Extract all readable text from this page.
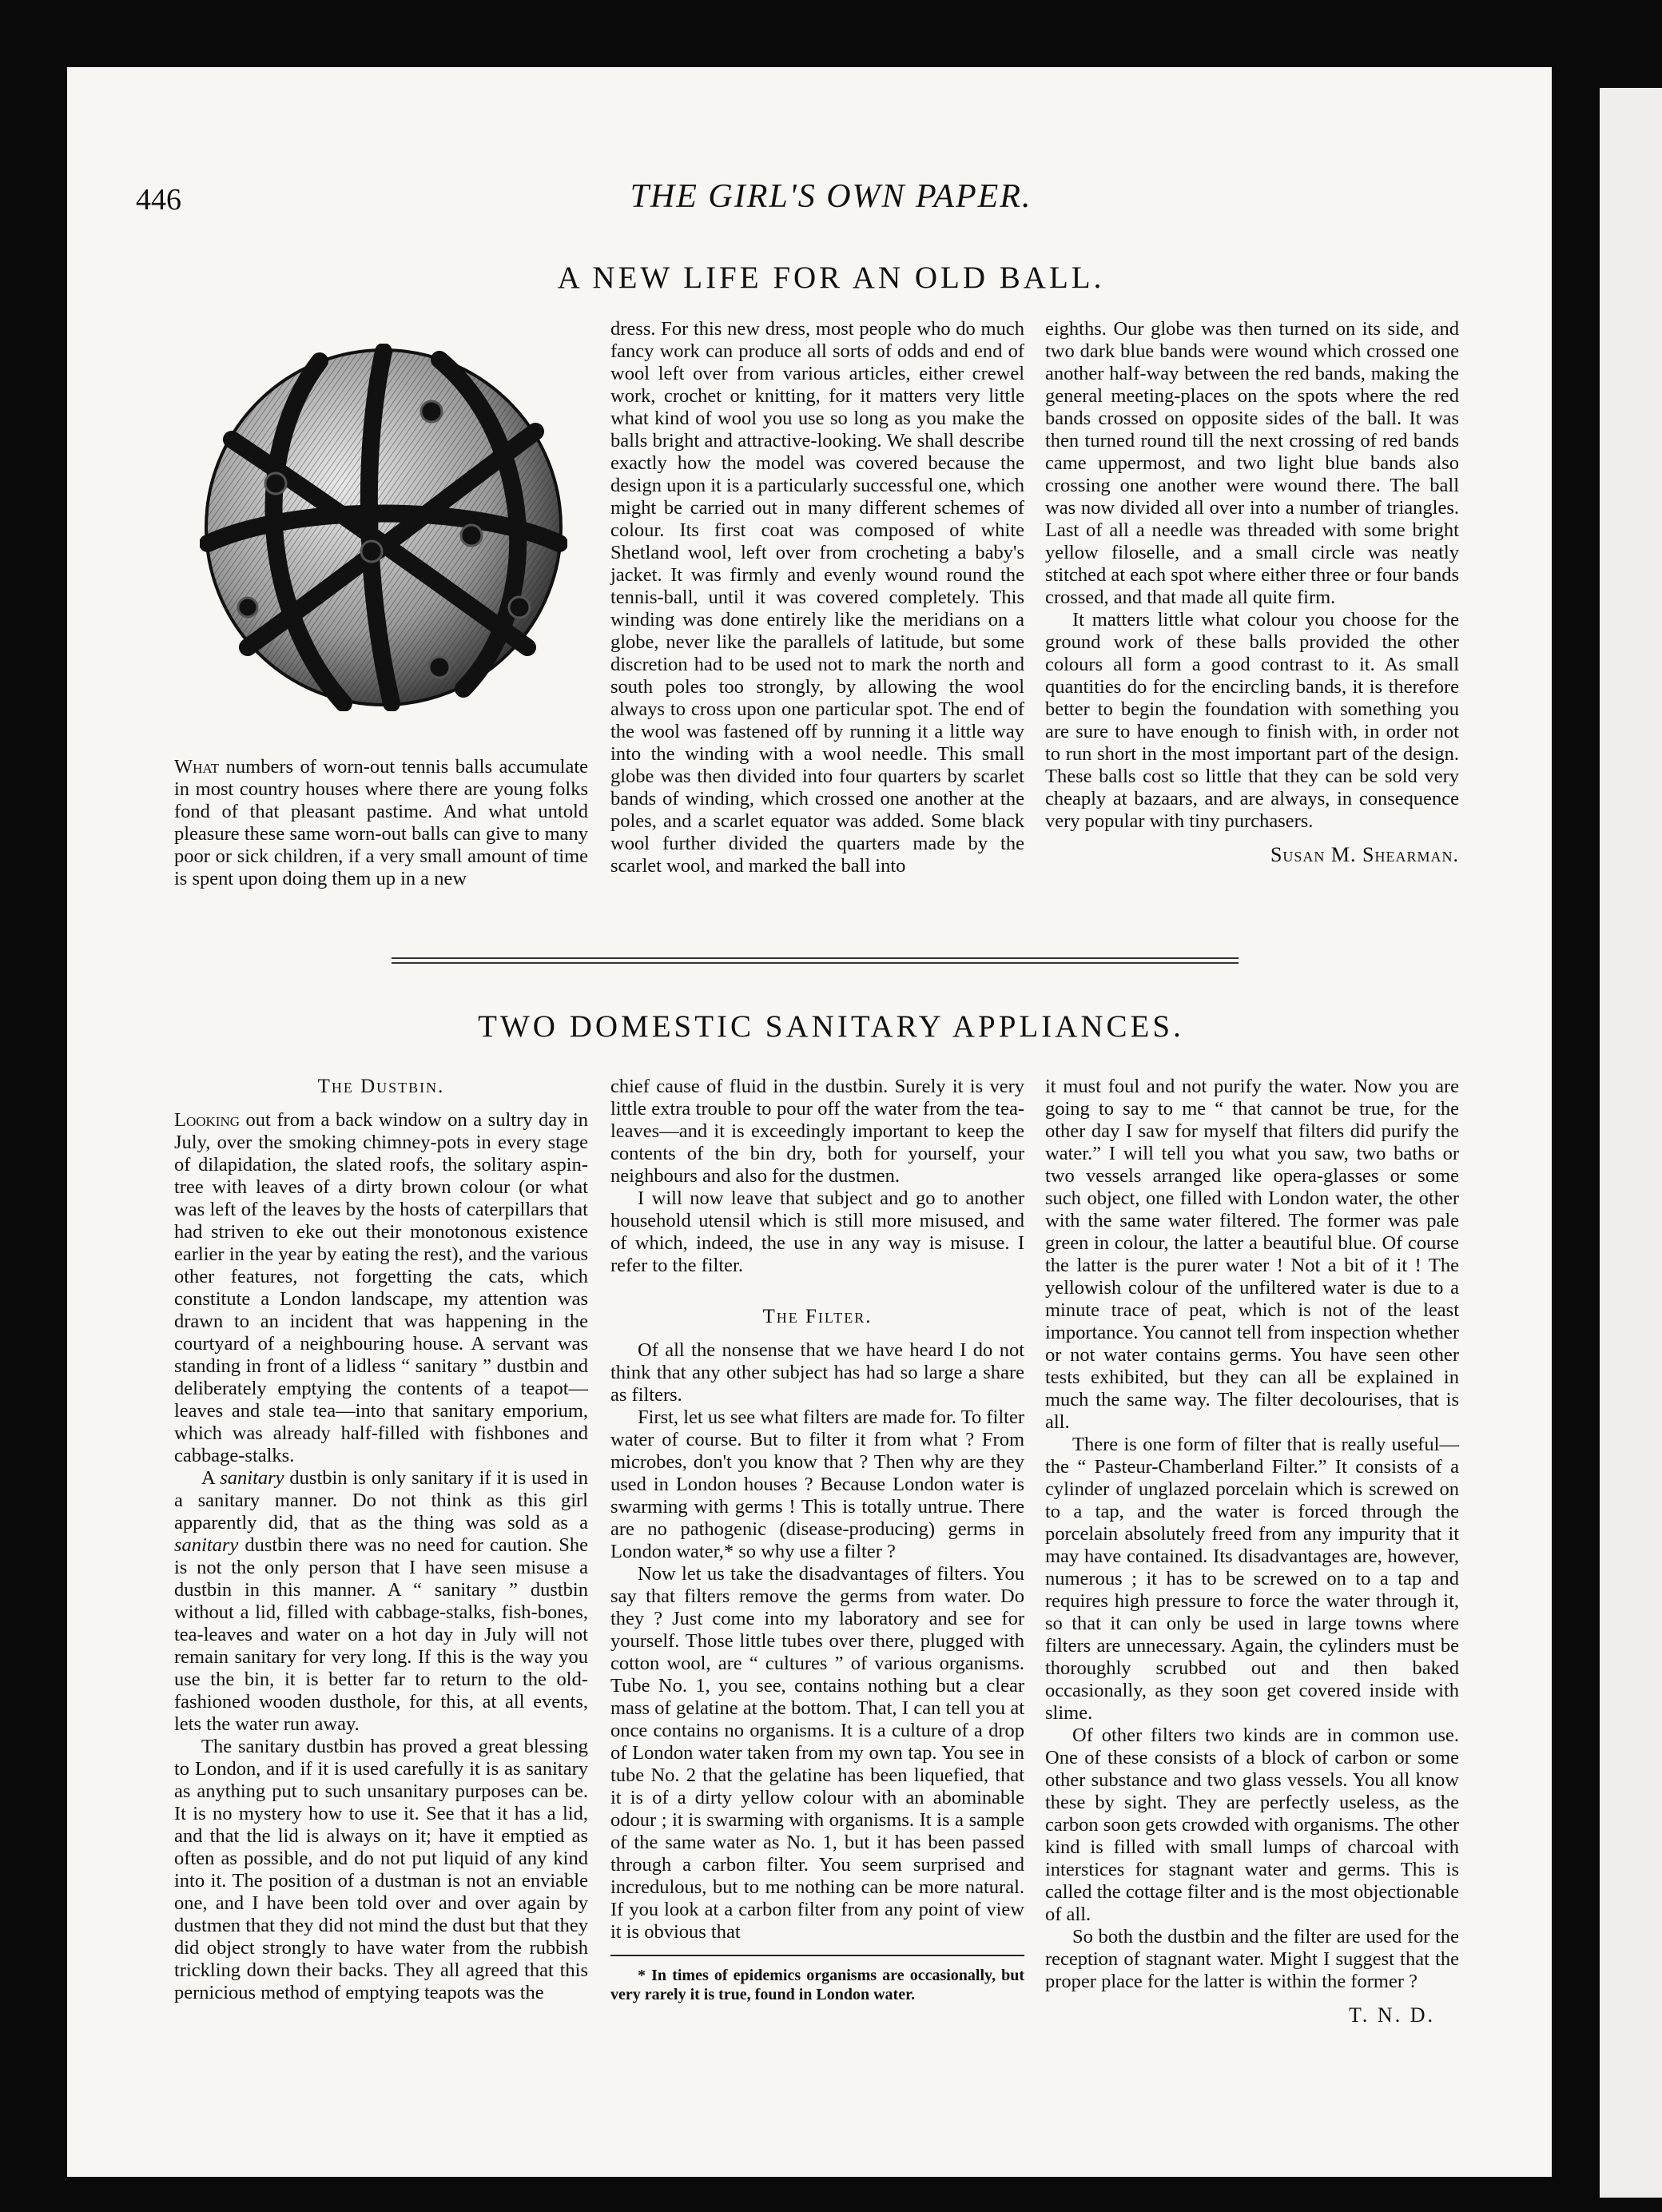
446	THE GIRL'S OWN PAPER.
A NEW LIFE FOR AN OLD BALL.

What numbers of worn-out tennis balls accumulate in most country houses where there are young folks fond of that pleasant pastime. And what untold pleasure these same worn-out balls can give to many poor or sick children, if a very small amount of time is spent upon doing them up in a new

dress. For this new dress, most people who do much fancy work can produce all sorts of odds and end of wool left over from various articles, either crewel work, crochet or knitting, for it matters very little what kind of wool you use so long as you make the balls bright and attractive-looking. We shall describe exactly how the model was covered because the design upon it is a particularly successful one, which might be carried out in many different schemes of colour. Its first coat was composed of white Shetland wool, left over from crocheting a baby's jacket. It was firmly and evenly wound round the tennis-ball, until it was covered completely. This winding was done entirely like the meridians on a globe, never like the parallels of latitude, but some discretion had to be used not to mark the north and south poles too strongly, by allowing the wool always to cross upon one particular spot. The end of the wool was fastened off by running it a little way into the winding with a wool needle. This small globe was then divided into four quarters by scarlet bands of winding, which crossed one another at the poles, and a scarlet equator was added. Some black wool further divided the quarters made by the scarlet wool, and marked the ball into

eighths. Our globe was then turned on its side, and two dark blue bands were wound which crossed one another half-way between the red bands, making the general meeting-places on the spots where the red bands crossed on opposite sides of the ball. It was then turned round till the next crossing of red bands came uppermost, and two light blue bands also crossing one another were wound there. The ball was now divided all over into a number of triangles. Last of all a needle was threaded with some bright yellow filoselle, and a small circle was neatly stitched at each spot where either three or four bands crossed, and that made all quite firm.

It matters little what colour you choose for the ground work of these balls provided the other colours all form a good contrast to it. As small quantities do for the encircling bands, it is therefore better to begin the foundation with something you are sure to have enough to finish with, in order not to run short in the most important part of the design. These balls cost so little that they can be sold very cheaply at bazaars, and are always, in consequence very popular with tiny purchasers.

Susan M. Shearman.
TWO DOMESTIC SANITARY APPLIANCES.
The Dustbin.

Looking out from a back window on a sultry day in July, over the smoking chimney-pots in every stage of dilapidation, the slated roofs, the solitary aspin-tree with leaves of a dirty brown colour (or what was left of the leaves by the hosts of caterpillars that had striven to eke out their monotonous existence earlier in the year by eating the rest), and the various other features, not forgetting the cats, which constitute a London landscape, my attention was drawn to an incident that was happening in the courtyard of a neighbouring house. A servant was standing in front of a lidless “ sanitary ” dustbin and deliberately emptying the contents of a teapot—leaves and stale tea—into that sanitary emporium, which was already half-filled with fishbones and cabbage-stalks.

A sanitary dustbin is only sanitary if it is used in a sanitary manner. Do not think as this girl apparently did, that as the thing was sold as a sanitary dustbin there was no need for caution. She is not the only person that I have seen misuse a dustbin in this manner. A “ sanitary ” dustbin without a lid, filled with cabbage-stalks, fish-bones, tea-leaves and water on a hot day in July will not remain sanitary for very long. If this is the way you use the bin, it is better far to return to the old-fashioned wooden dusthole, for this, at all events, lets the water run away.

The sanitary dustbin has proved a great blessing to London, and if it is used carefully it is as sanitary as anything put to such unsanitary purposes can be. It is no mystery how to use it. See that it has a lid, and that the lid is always on it; have it emptied as often as possible, and do not put liquid of any kind into it. The position of a dustman is not an enviable one, and I have been told over and over again by dustmen that they did not mind the dust but that they did object strongly to have water from the rubbish trickling down their backs. They all agreed that this pernicious method of emptying teapots was the

chief cause of fluid in the dustbin. Surely it is very little extra trouble to pour off the water from the tea-leaves—and it is exceedingly important to keep the contents of the bin dry, both for yourself, your neighbours and also for the dustmen.

I will now leave that subject and go to another household utensil which is still more misused, and of which, indeed, the use in any way is misuse. I refer to the filter.

The Filter.

Of all the nonsense that we have heard I do not think that any other subject has had so large a share as filters.

First, let us see what filters are made for. To filter water of course. But to filter it from what ? From microbes, don't you know that ? Then why are they used in London houses ? Because London water is swarming with germs ! This is totally untrue. There are no pathogenic (disease-producing) germs in London water,* so why use a filter ?

Now let us take the disadvantages of filters. You say that filters remove the germs from water. Do they ? Just come into my laboratory and see for yourself. Those little tubes over there, plugged with cotton wool, are “ cultures ” of various organisms. Tube No. 1, you see, contains nothing but a clear mass of gelatine at the bottom. That, I can tell you at once contains no organisms. It is a culture of a drop of London water taken from my own tap. You see in tube No. 2 that the gelatine has been liquefied, that it is of a dirty yellow colour with an abominable odour ; it is swarming with organisms. It is a sample of the same water as No. 1, but it has been passed through a carbon filter. You seem surprised and incredulous, but to me nothing can be more natural. If you look at a carbon filter from any point of view it is obvious that

* In times of epidemics organisms are occasionally, but very rarely it is true, found in London water.

it must foul and not purify the water. Now you are going to say to me “ that cannot be true, for the other day I saw for myself that filters did purify the water.” I will tell you what you saw, two baths or two vessels arranged like opera-glasses or some such object, one filled with London water, the other with the same water filtered. The former was pale green in colour, the latter a beautiful blue. Of course the latter is the purer water ! Not a bit of it ! The yellowish colour of the unfiltered water is due to a minute trace of peat, which is not of the least importance. You cannot tell from inspection whether or not water contains germs. You have seen other tests exhibited, but they can all be explained in much the same way. The filter decolourises, that is all.

There is one form of filter that is really useful—the “ Pasteur-Chamberland Filter.” It consists of a cylinder of unglazed porcelain which is screwed on to a tap, and the water is forced through the porcelain absolutely freed from any impurity that it may have contained. Its disadvantages are, however, numerous ; it has to be screwed on to a tap and requires high pressure to force the water through it, so that it can only be used in large towns where filters are unnecessary. Again, the cylinders must be thoroughly scrubbed out and then baked occasionally, as they soon get covered inside with slime.

Of other filters two kinds are in common use. One of these consists of a block of carbon or some other substance and two glass vessels. You all know these by sight. They are perfectly useless, as the carbon soon gets crowded with organisms. The other kind is filled with small lumps of charcoal with interstices for stagnant water and germs. This is called the cottage filter and is the most objectionable of all.

So both the dustbin and the filter are used for the reception of stagnant water. Might I suggest that the proper place for the latter is within the former ?

T. N. D.
